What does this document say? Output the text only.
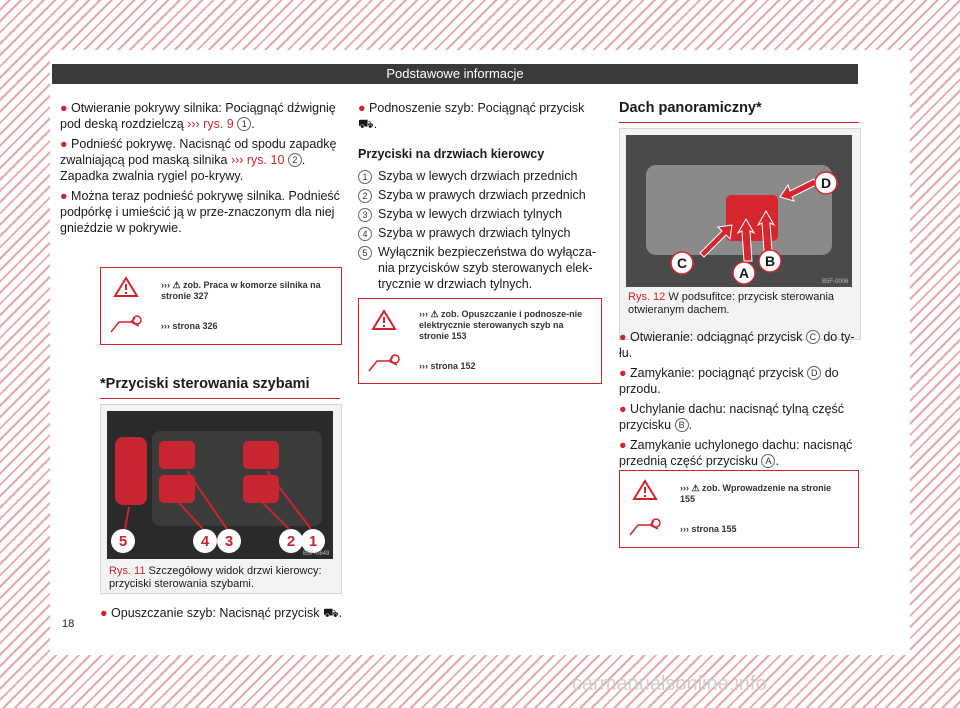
Podstawowe informacje

● Otwieranie pokrywy silnika: Pociągnąć dźwignię pod deską rozdzielczą ››› rys. 9 1 .

● Podnieść pokrywę. Nacisnąć od spodu zapadkę zwalniającą pod maską silnika ››› rys. 10 2 . Zapadka zwalnia rygiel po-krywy.

● Można teraz podnieść pokrywę silnika. Podnieść podpórkę i umieścić ją w prze-znaczonym dla niej gnieździe w pokrywie.

››› ⚠ zob. Praca w komorze silnika na stronie 327
››› strona 326
*Przyciski sterowania szybami
5	4 3	2 1
B5F-0649
Rys. 11 Szczegółowy widok drzwi kierowcy: przyciski sterowania szybami.
● Opuszczanie szyb: Nacisnąć przycisk ⛟.

● Podnoszenie szyb: Pociągnąć przycisk
⛟.

Przyciski na drzwiach kierowcy

1 Szyba w lewych drzwiach przednich
2 Szyba w prawych drzwiach przednich
3 Szyba w lewych drzwiach tylnych
4 Szyba w prawych drzwiach tylnych
5 Wyłącznik bezpieczeństwa do wyłącza-nia przycisków szyb sterowanych elek-trycznie w drzwiach tylnych.
››› ⚠ zob. Opuszczanie i podnosze-nie elektrycznie sterowanych szyb na stronie 153
››› strona 152
Dach panoramiczny*
D
C
A
B
B5F-0006
Rys. 12 W podsufitce: przycisk sterowania otwieranym dachem.

● Otwieranie: odciągnąć przycisk C do ty-łu.

● Zamykanie: pociągnąć przycisk D do przodu.

● Uchylanie dachu: nacisnąć tylną część przycisku B .

● Zamykanie uchylonego dachu: nacisnąć przednią część przycisku A .

››› ⚠ zob. Wprowadzenie na stronie 155
››› strona 155
18
carmanualsonline.info
